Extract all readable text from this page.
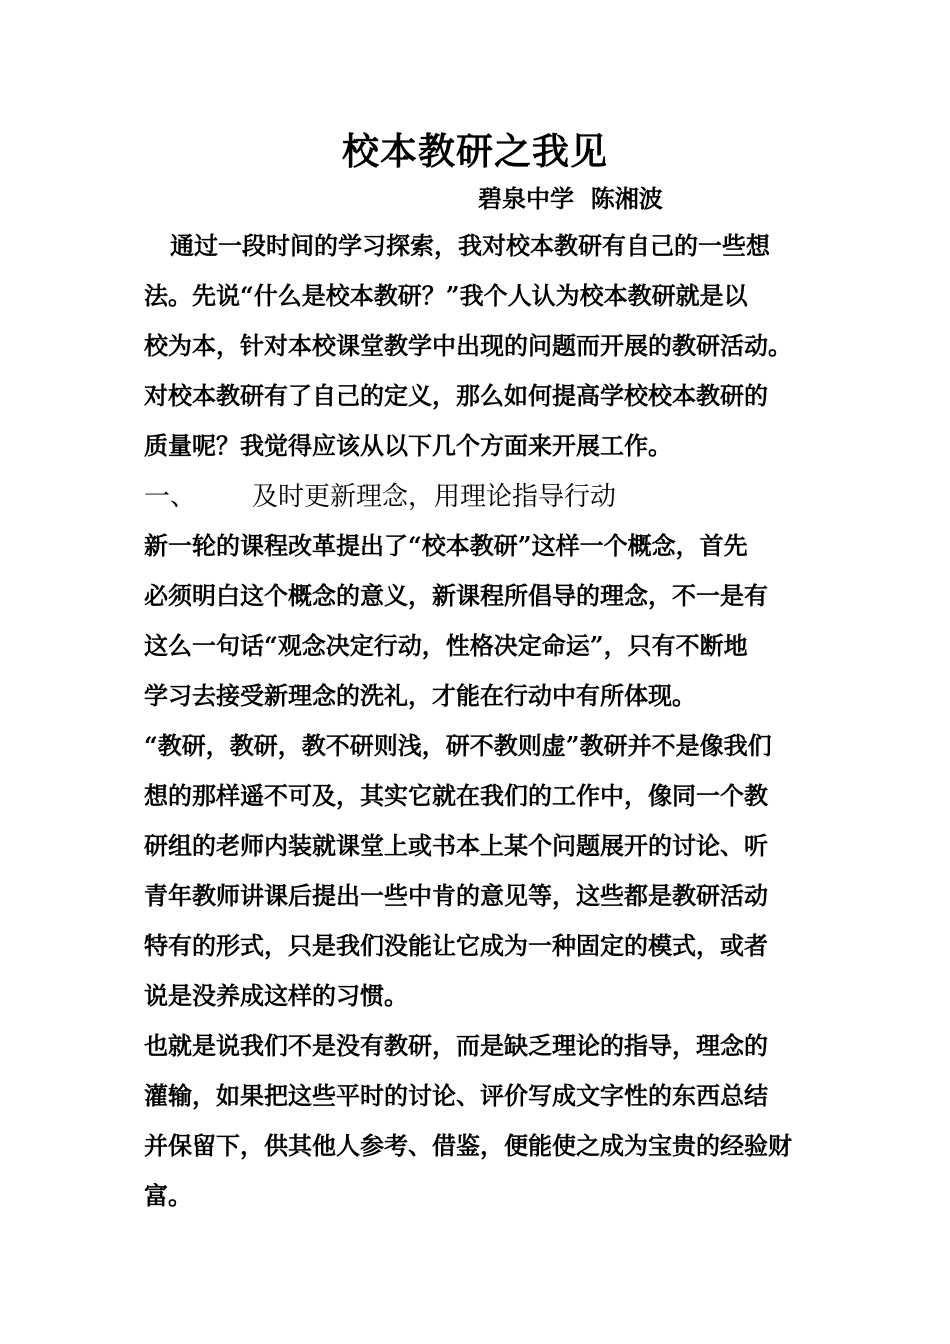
校本教研之我见
碧泉中学  陈湘波
通过一段时间的学习探索，我对校本教研有自己的一些想
法。先说“什么是校本教研？”我个人认为校本教研就是以
校为本，针对本校课堂教学中出现的问题而开展的教研活动。
对校本教研有了自己的定义，那么如何提高学校校本教研的
质量呢？我觉得应该从以下几个方面来开展工作。
一、 及时更新理念，用理论指导行动
新一轮的课程改革提出了“校本教研”这样一个概念，首先
必须明白这个概念的意义，新课程所倡导的理念，不一是有
这么一句话“观念决定行动，性格决定命运”，只有不断地
学习去接受新理念的洗礼，才能在行动中有所体现。
“教研，教研，教不研则浅，研不教则虚”教研并不是像我们
想的那样遥不可及，其实它就在我们的工作中，像同一个教
研组的老师内装就课堂上或书本上某个问题展开的讨论、听
青年教师讲课后提出一些中肯的意见等，这些都是教研活动
特有的形式，只是我们没能让它成为一种固定的模式，或者
说是没养成这样的习惯。
也就是说我们不是没有教研，而是缺乏理论的指导，理念的
灌输，如果把这些平时的讨论、评价写成文字性的东西总结
并保留下，供其他人参考、借鉴，便能使之成为宝贵的经验财
富。
